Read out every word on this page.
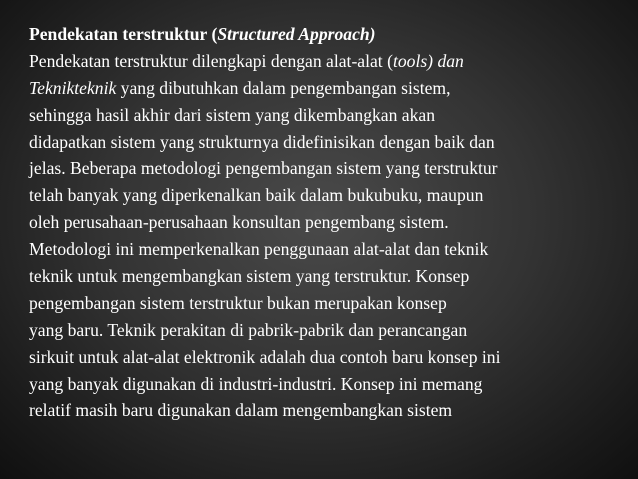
Pendekatan terstruktur (Structured Approach)
Pendekatan terstruktur dilengkapi dengan alat-alat (tools) dan
Teknikteknik yang dibutuhkan dalam pengembangan sistem,
sehingga hasil akhir dari sistem yang dikembangkan akan
didapatkan sistem yang strukturnya didefinisikan dengan baik dan
jelas. Beberapa metodologi pengembangan sistem yang terstruktur
telah banyak yang diperkenalkan baik dalam bukubuku, maupun
oleh perusahaan-perusahaan konsultan pengembang sistem.
Metodologi ini memperkenalkan penggunaan alat-alat dan teknik
teknik untuk mengembangkan sistem yang terstruktur. Konsep
pengembangan sistem terstruktur bukan merupakan konsep
yang baru. Teknik perakitan di pabrik-pabrik dan perancangan
sirkuit untuk alat-alat elektronik adalah dua contoh baru konsep ini
yang banyak digunakan di industri-industri. Konsep ini memang
relatif masih baru digunakan dalam mengembangkan sistem
